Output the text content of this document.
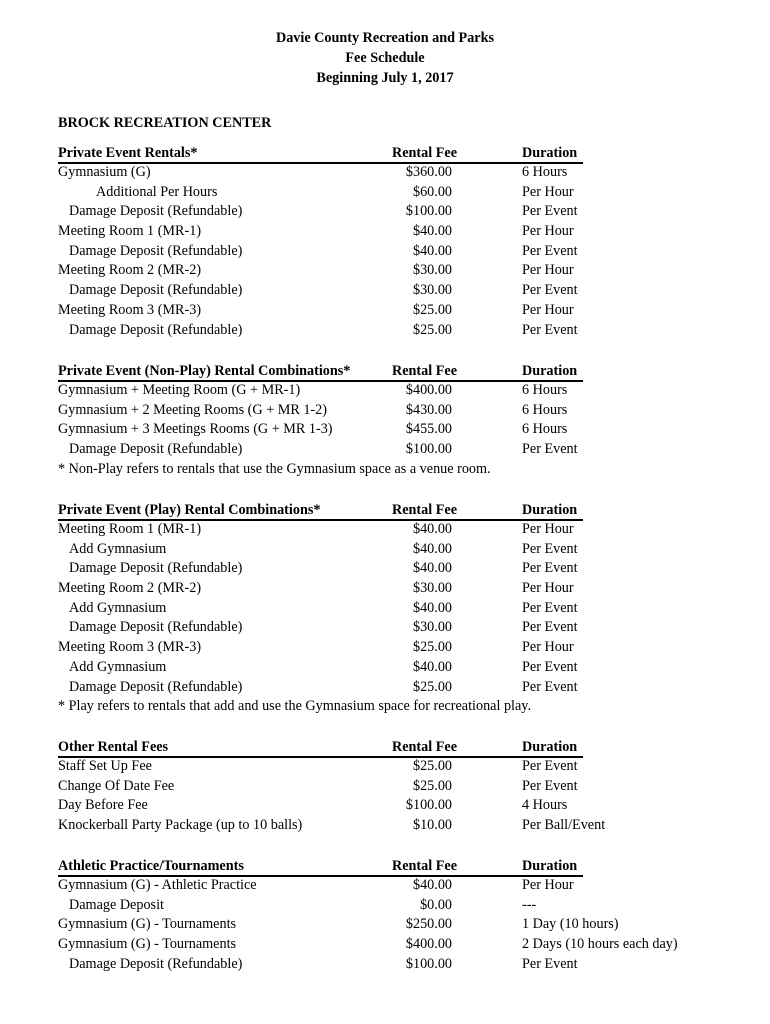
Davie County Recreation and Parks
Fee Schedule
Beginning July 1, 2017
BROCK RECREATION CENTER
Private Event Rentals*	Rental Fee	Duration
Gymnasium (G)	$360.00	6 Hours
Additional Per Hours	$60.00	Per Hour
Damage Deposit (Refundable)	$100.00	Per Event
Meeting Room 1 (MR-1)	$40.00	Per Hour
Damage Deposit (Refundable)	$40.00	Per Event
Meeting Room 2 (MR-2)	$30.00	Per Hour
Damage Deposit (Refundable)	$30.00	Per Event
Meeting Room 3 (MR-3)	$25.00	Per Hour
Damage Deposit (Refundable)	$25.00	Per Event
Private Event (Non-Play) Rental Combinations*	Rental Fee	Duration
Gymnasium + Meeting Room (G + MR-1)	$400.00	6 Hours
Gymnasium + 2 Meeting Rooms (G + MR 1-2)	$430.00	6 Hours
Gymnasium + 3 Meetings Rooms (G + MR 1-3)	$455.00	6 Hours
Damage Deposit (Refundable)	$100.00	Per Event
* Non-Play refers to rentals that use the Gymnasium space as a venue room.
Private Event (Play) Rental Combinations*	Rental Fee	Duration
Meeting Room 1 (MR-1)	$40.00	Per Hour
Add Gymnasium	$40.00	Per Event
Damage Deposit (Refundable)	$40.00	Per Event
Meeting Room 2 (MR-2)	$30.00	Per Hour
Add Gymnasium	$40.00	Per Event
Damage Deposit (Refundable)	$30.00	Per Event
Meeting Room 3 (MR-3)	$25.00	Per Hour
Add Gymnasium	$40.00	Per Event
Damage Deposit (Refundable)	$25.00	Per Event
* Play refers to rentals that add and use the Gymnasium space for recreational play.
Other Rental Fees	Rental Fee	Duration
Staff Set Up Fee	$25.00	Per Event
Change Of Date Fee	$25.00	Per Event
Day Before Fee	$100.00	4 Hours
Knockerball Party Package (up to 10 balls)	$10.00	Per Ball/Event
Athletic Practice/Tournaments	Rental Fee	Duration
Gymnasium (G) - Athletic Practice	$40.00	Per Hour
Damage Deposit	$0.00	---
Gymnasium (G) - Tournaments	$250.00	1 Day (10 hours)
Gymnasium (G) - Tournaments	$400.00	2 Days (10 hours each day)
Damage Deposit (Refundable)	$100.00	Per Event
